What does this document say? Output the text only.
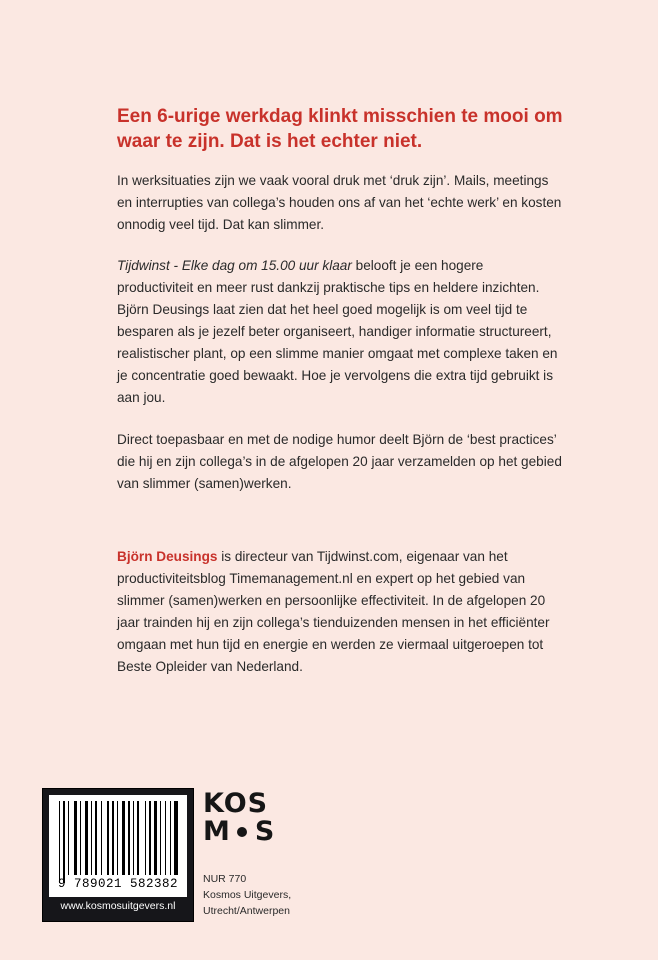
Een 6-urige werkdag klinkt misschien te mooi om waar te zijn. Dat is het echter niet.

In werksituaties zijn we vaak vooral druk met ‘druk zijn’. Mails, meetings en interrupties van collega’s houden ons af van het ‘echte werk’ en kosten onnodig veel tijd. Dat kan slimmer.

Tijdwinst - Elke dag om 15.00 uur klaar belooft je een hogere productiviteit en meer rust dankzij praktische tips en heldere inzichten. Björn Deusings laat zien dat het heel goed mogelijk is om veel tijd te besparen als je jezelf beter organiseert, handiger informatie structureert, realistischer plant, op een slimme manier omgaat met complexe taken en je concentratie goed bewaakt. Hoe je vervolgens die extra tijd gebruikt is aan jou.

Direct toepasbaar en met de nodige humor deelt Björn de ‘best practices’ die hij en zijn collega’s in de afgelopen 20 jaar verzamelden op het gebied van slimmer (samen)werken.

Björn Deusings is directeur van Tijdwinst.com, eigenaar van het productiviteitsblog Timemanagement.nl en expert op het gebied van slimmer (samen)werken en persoonlijke effectiviteit. In de afgelopen 20 jaar trainden hij en zijn collega’s tienduizenden mensen in het efficiënter omgaan met hun tijd en energie en werden ze viermaal uitgeroepen tot Beste Opleider van Nederland.

9 789021 582382
www.kosmosuitgevers.nl
KOS
M S
NUR 770
Kosmos Uitgevers,
Utrecht/Antwerpen
